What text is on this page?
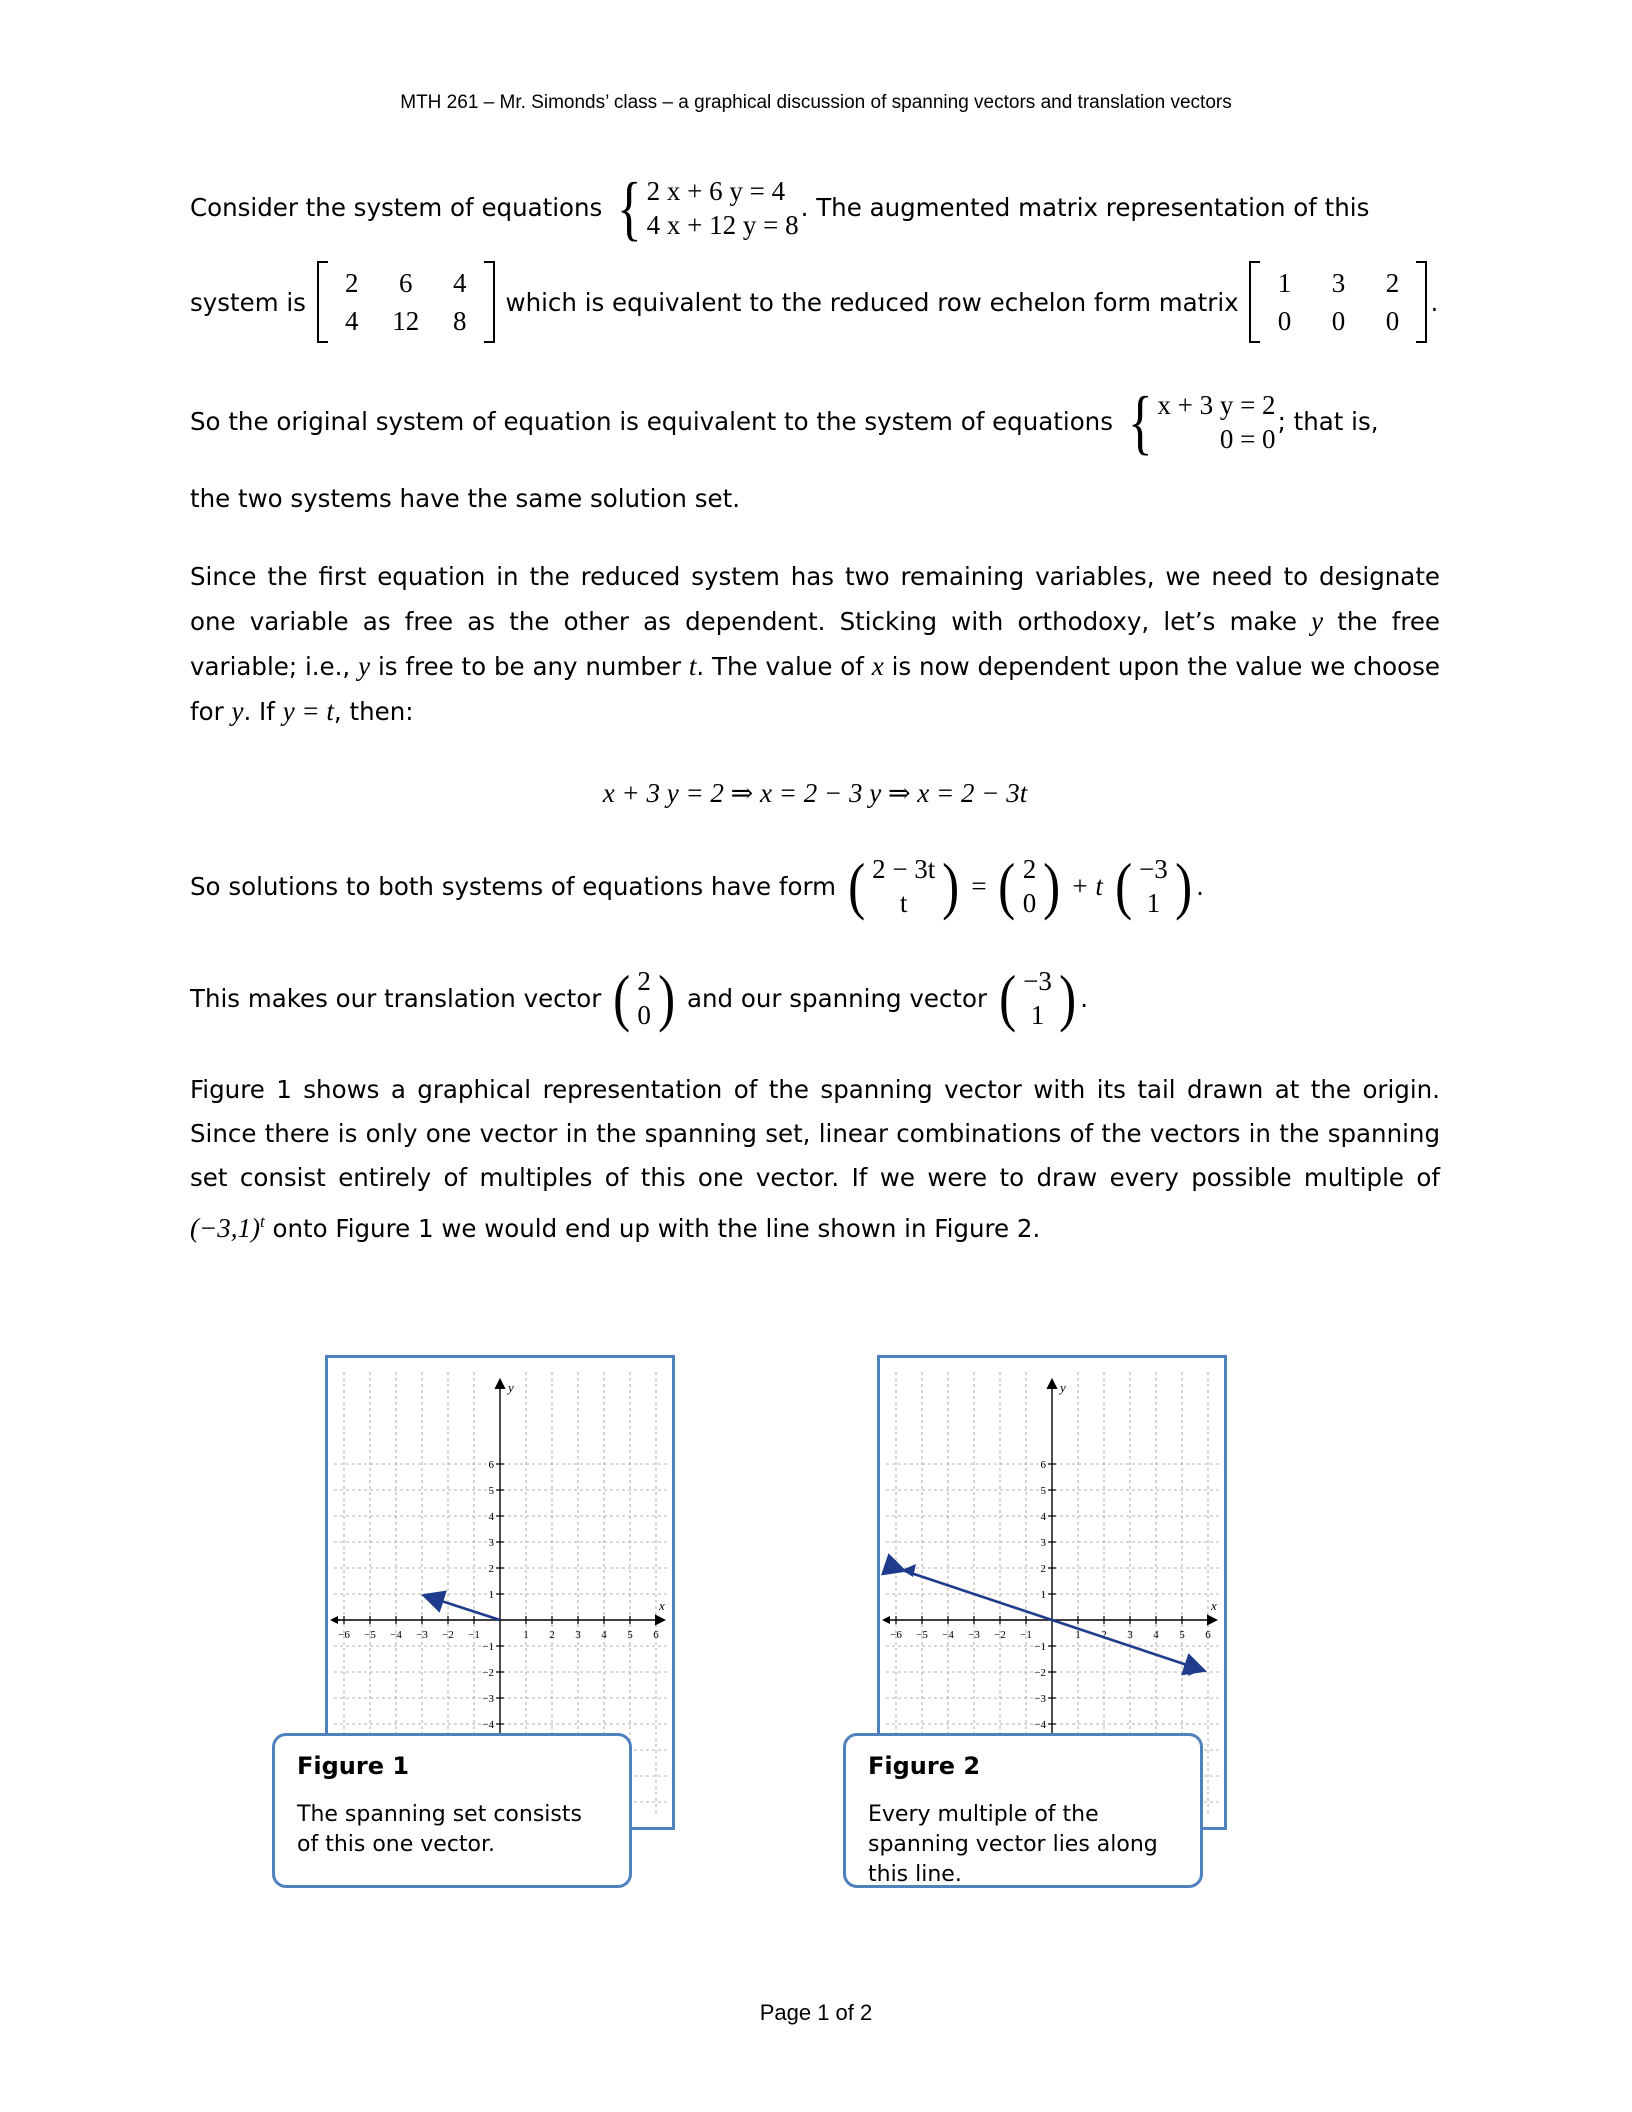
MTH 261 – Mr. Simonds’ class – a graphical discussion of spanning vectors and translation vectors
Consider the system of equations { 2 x + 6 y = 4
4 x + 12 y = 8
. The augmented matrix representation of this
system is
2	6	4
4	12	8
which is equivalent to the reduced row echelon form matrix
1	3	2
0	0	0
.
So the original system of equation is equivalent to the system of equations { x + 3 y = 2
0 = 0
; that is,
the two systems have the same solution set.
Since the first equation in the reduced system has two remaining variables, we need to designate one variable as free as the other as dependent. Sticking with orthodoxy, let’s make y the free variable; i.e., y is free to be any number t. The value of x is now dependent upon the value we choose for y. If y = t, then:
x + 3 y = 2 ⇒ x = 2 − 3 y ⇒ x = 2 − 3t
So solutions to both systems of equations have form ( 2 − 3t
t ) = ( 2
0 ) + t ( −3
1 ) .
This makes our translation vector ( 2
0 ) and our spanning vector ( −3
1 ) .
Figure 1 shows a graphical representation of the spanning vector with its tail drawn at the origin. Since there is only one vector in the spanning set, linear combinations of the vectors in the spanning set consist entirely of multiples of this one vector. If we were to draw every possible multiple of $(-3,1)^t$ onto Figure 1 we would end up with the line shown in Figure 2.
−6 −5 −4 −3 −2 −1	1 2 3 4 5 6
6
5
4
3
2
1
−1
−2
−3
−4
x
y
−6 −5 −4 −3 −2 −1	1 2 3 4 5 6
6
5
4
3
2
1
−1
−2
−3
−4
x
y
Figure 1
The spanning set consists of this one vector.
Figure 2
Every multiple of the spanning vector lies along this line.
Page 1 of 2
